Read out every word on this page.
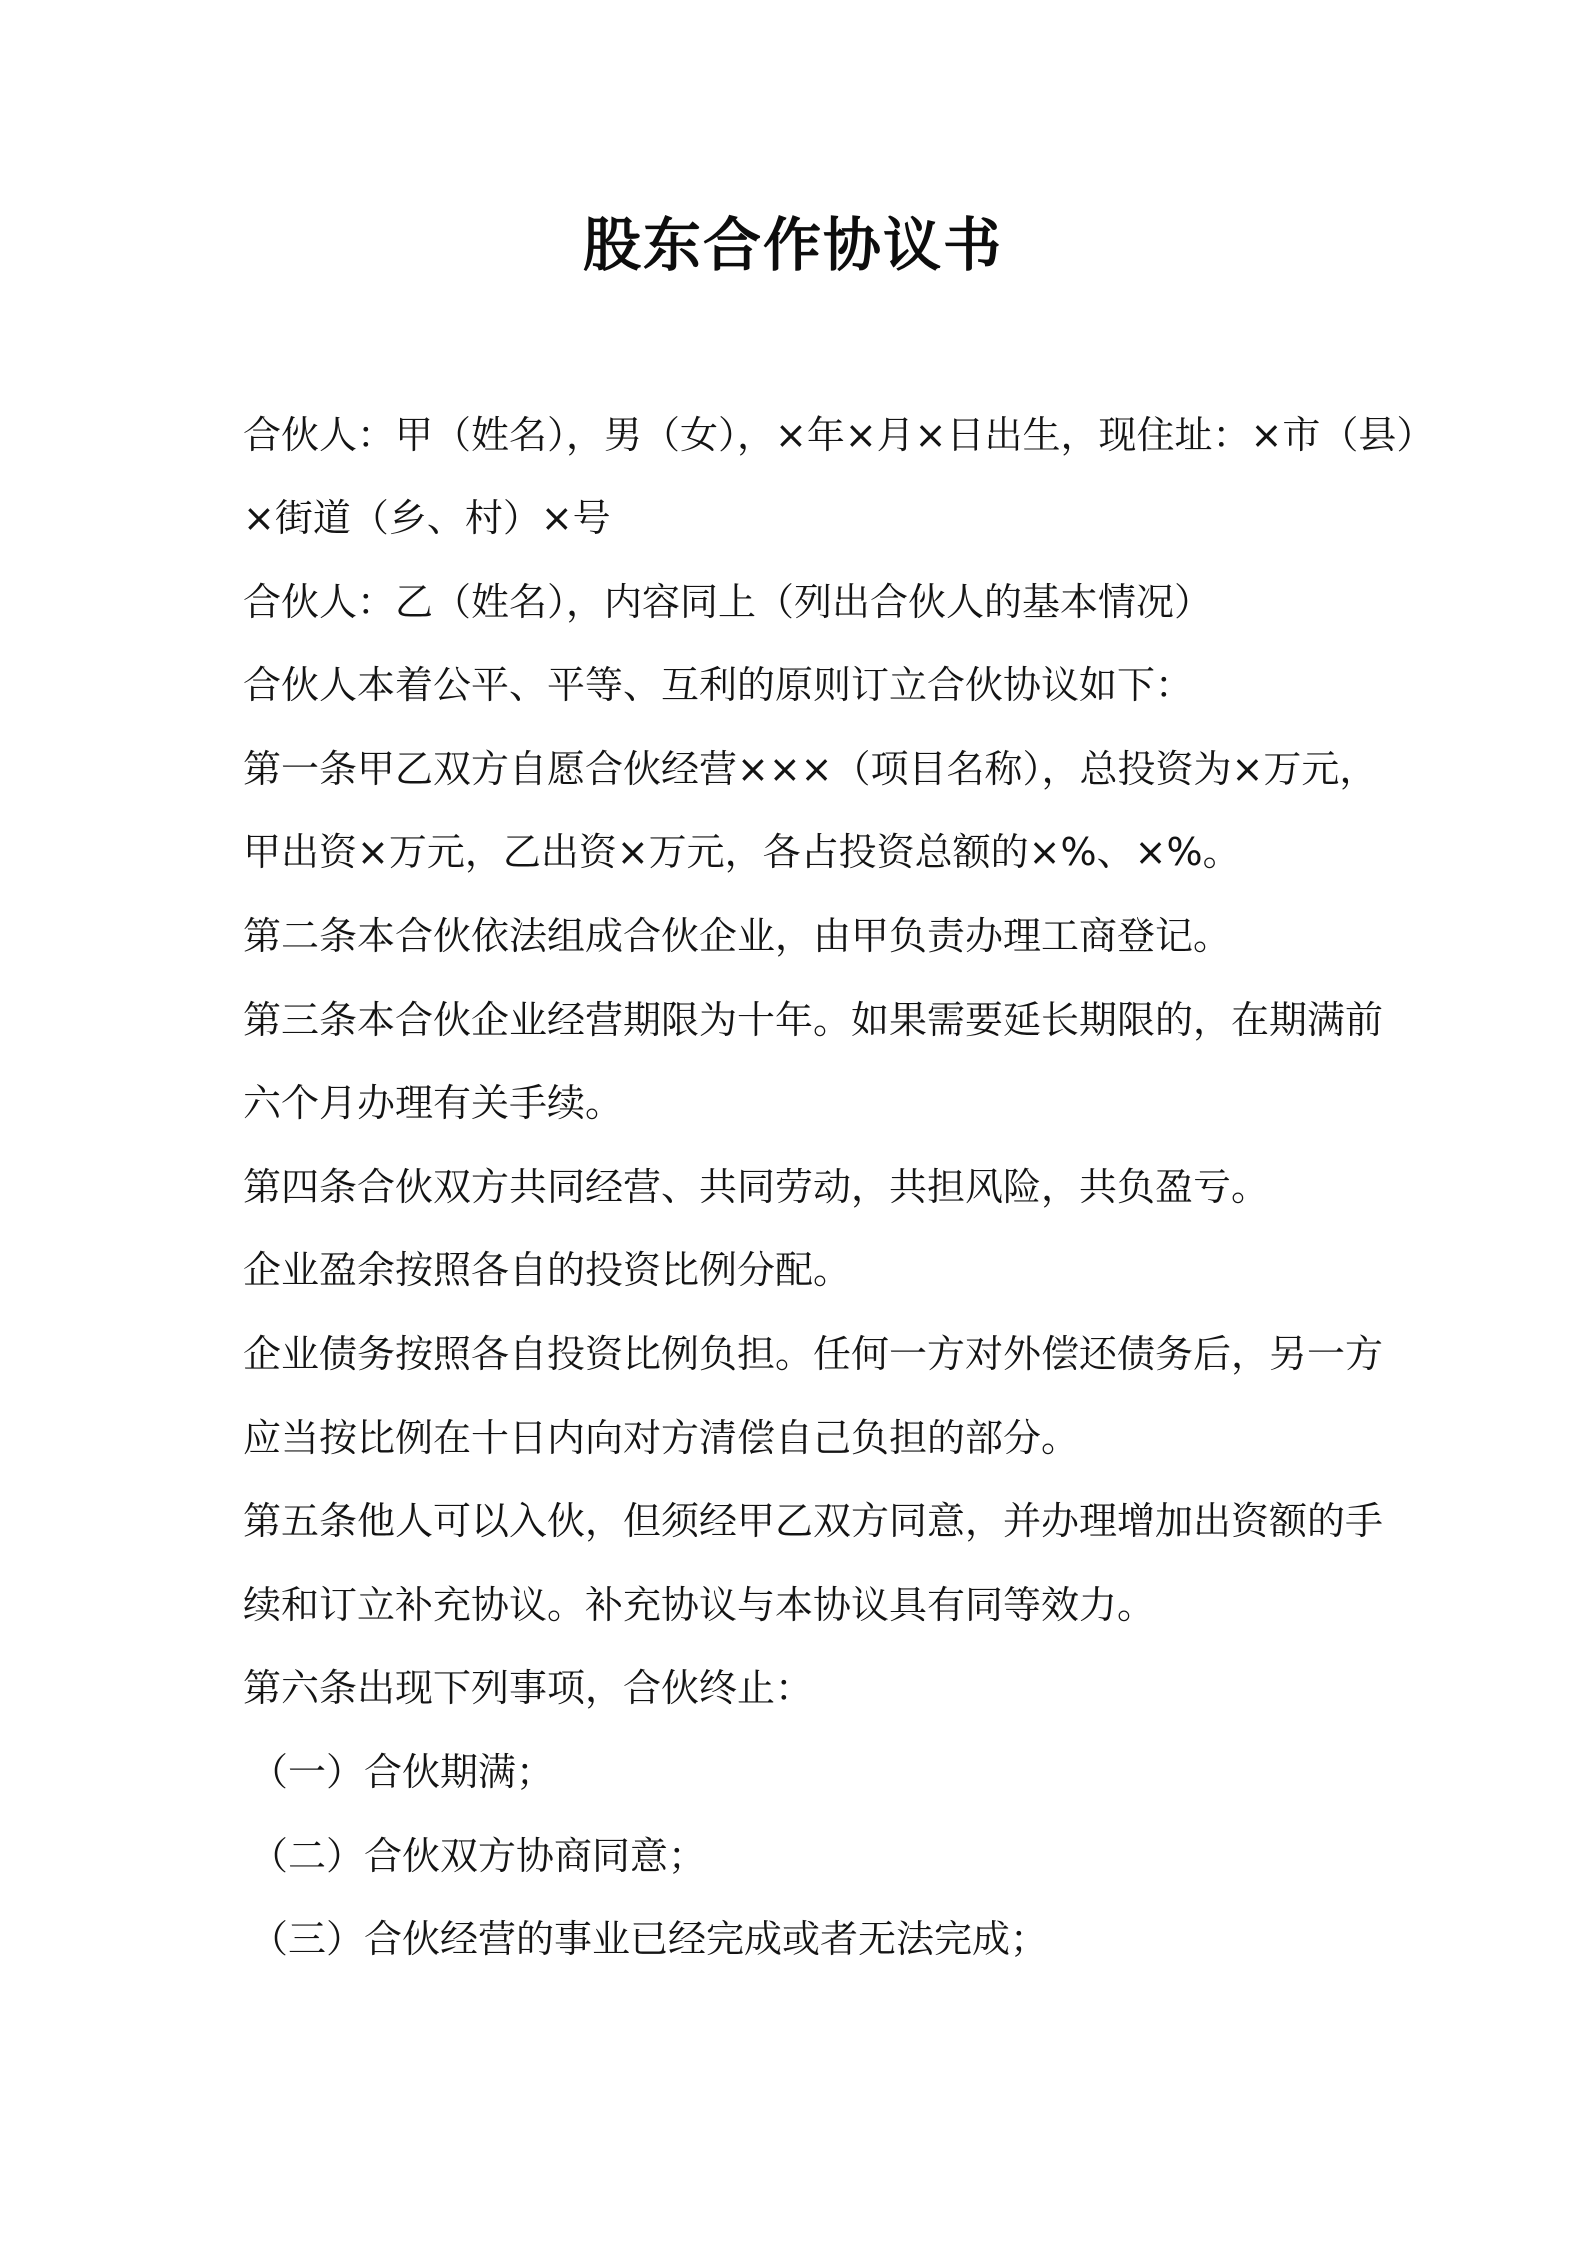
股东合作协议书
合伙人：甲（姓名），男（女），×年×月×日出生，现住址：×市（县）
×街道（乡、村）×号
合伙人：乙（姓名），内容同上（列出合伙人的基本情况）
合伙人本着公平、平等、互利的原则订立合伙协议如下：
第一条甲乙双方自愿合伙经营×××（项目名称），总投资为×万元，
甲出资×万元，乙出资×万元，各占投资总额的×%、×%。
第二条本合伙依法组成合伙企业，由甲负责办理工商登记。
第三条本合伙企业经营期限为十年。如果需要延长期限的，在期满前
六个月办理有关手续。
第四条合伙双方共同经营、共同劳动，共担风险，共负盈亏。
企业盈余按照各自的投资比例分配。
企业债务按照各自投资比例负担。任何一方对外偿还债务后，另一方
应当按比例在十日内向对方清偿自己负担的部分。
第五条他人可以入伙，但须经甲乙双方同意，并办理增加出资额的手
续和订立补充协议。补充协议与本协议具有同等效力。
第六条出现下列事项，合伙终止：
（一）合伙期满；
（二）合伙双方协商同意；
（三）合伙经营的事业已经完成或者无法完成；
